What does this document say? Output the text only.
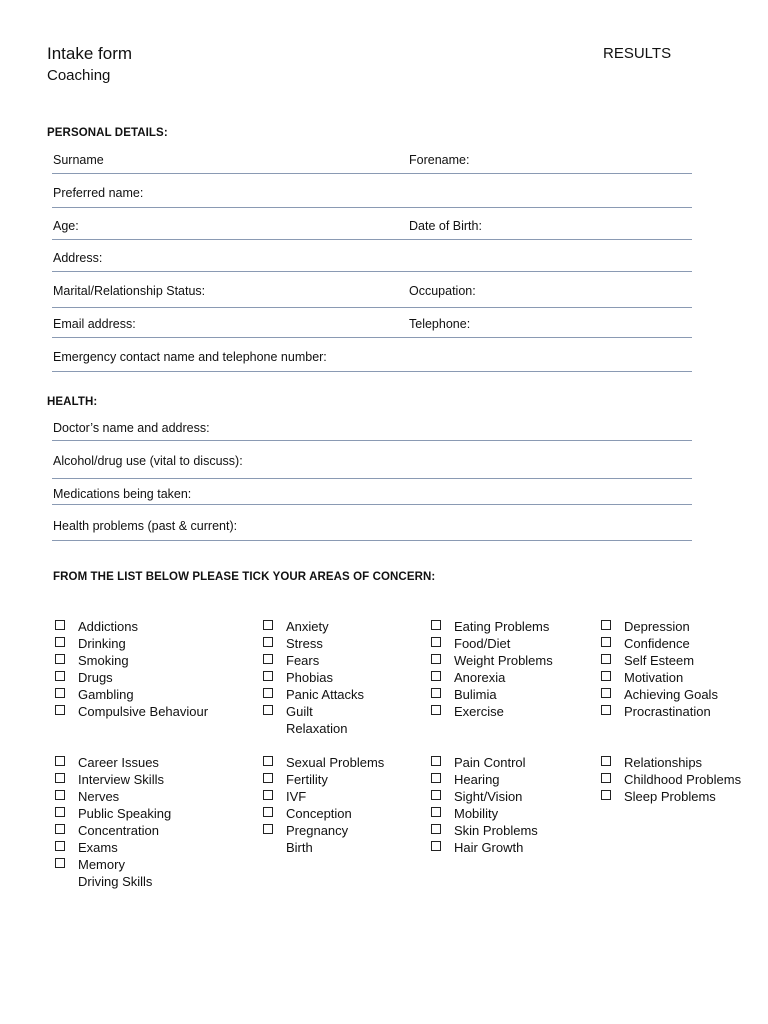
Intake form
Coaching
RESULTS
PERSONAL DETAILS:
Surname	Forename:
Preferred name:
Age:	Date of Birth:
Address:
Marital/Relationship Status:	Occupation:
Email address:	Telephone:
Emergency contact name and telephone number:
HEALTH:
Doctor’s name and address:
Alcohol/drug use (vital to discuss):
Medications being taken:
Health problems (past & current):
FROM THE LIST BELOW PLEASE TICK YOUR AREAS OF CONCERN:
Addictions
Drinking
Smoking
Drugs
Gambling
Compulsive Behaviour
Anxiety
Stress
Fears
Phobias
Panic Attacks
Guilt
Relaxation
Eating Problems
Food/Diet
Weight Problems
Anorexia
Bulimia
Exercise
Depression
Confidence
Self Esteem
Motivation
Achieving Goals
Procrastination
Career Issues
Interview Skills
Nerves
Public Speaking
Concentration
Exams
Memory
Driving Skills
Sexual Problems
Fertility
IVF
Conception
Pregnancy
Birth
Pain Control
Hearing
Sight/Vision
Mobility
Skin Problems
Hair Growth
Relationships
Childhood Problems
Sleep Problems
